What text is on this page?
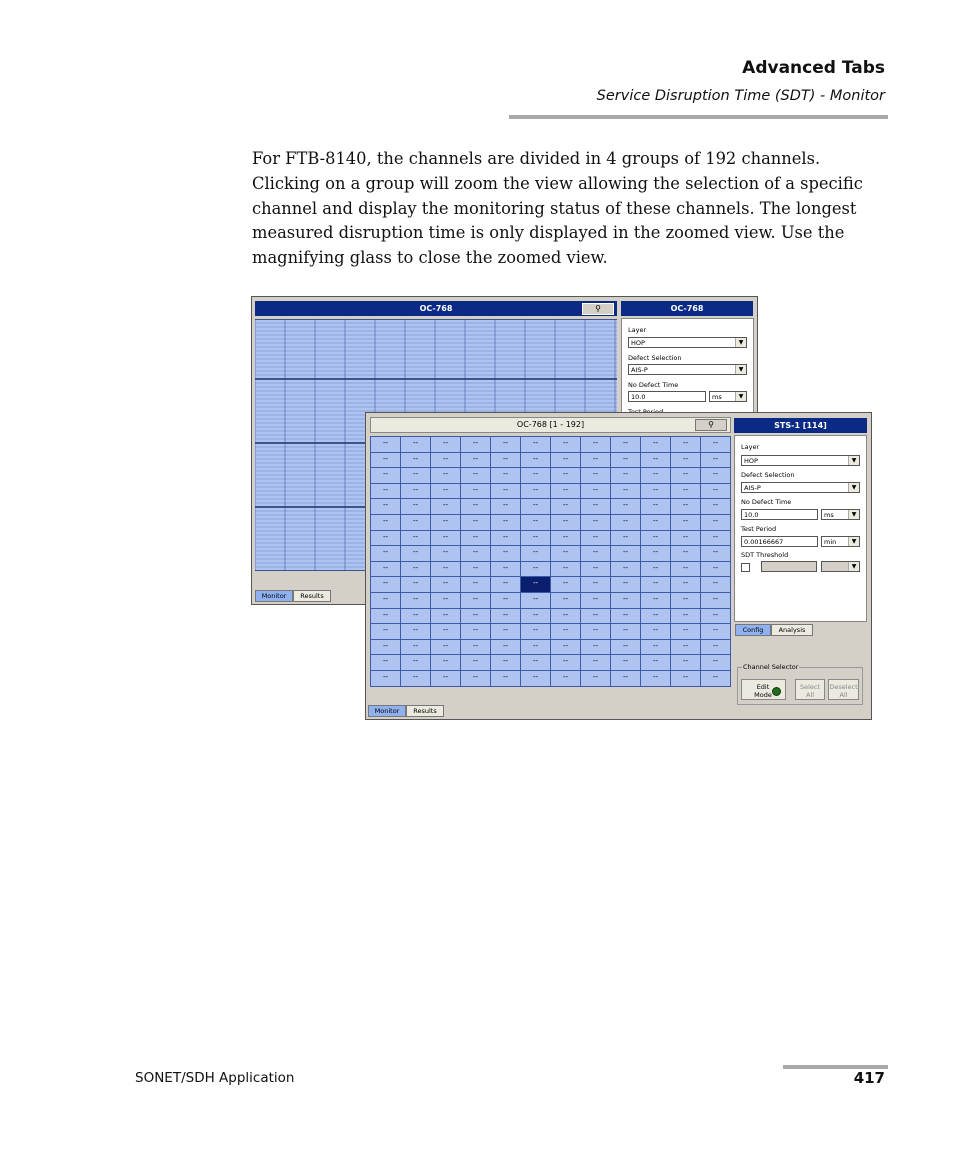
Advanced Tabs
Service Disruption Time (SDT) - Monitor
For FTB-8140, the channels are divided in 4 groups of 192 channels. Clicking on a group will zoom the view allowing the selection of a specific channel and display the monitoring status of these channels. The longest measured disruption time is only displayed in the zoomed view. Use the magnifying glass to close the zoomed view.
OC-768	⚲
Monitor	Results
OC-768
Layer
HOP	▼
Defect Selection
AIS-P	▼
No Defect Time
10.0	ms	▼
OC-768 [1 - 192]	⚲
--	--	--	--	--	--	--	--	--	--	--	--
--	--	--	--	--	--	--	--	--	--	--	--
--	--	--	--	--	--	--	--	--	--	--	--
--	--	--	--	--	--	--	--	--	--	--	--
--	--	--	--	--	--	--	--	--	--	--	--
--	--	--	--	--	--	--	--	--	--	--	--
--	--	--	--	--	--	--	--	--	--	--	--
--	--	--	--	--	--	--	--	--	--	--	--
--	--	--	--	--	--	--	--	--	--	--	--
--	--	--	--	--	--	--	--	--	--	--	--
--	--	--	--	--	--	--	--	--	--	--	--
--	--	--	--	--	--	--	--	--	--	--	--
--	--	--	--	--	--	--	--	--	--	--	--
--	--	--	--	--	--	--	--	--	--	--	--
--	--	--	--	--	--	--	--	--	--	--	--
--	--	--	--	--	--	--	--	--	--	--	--
Monitor	Results
STS-1 [114]
Layer
HOP	▼
Defect Selection
AIS-P	▼
No Defect Time
10.0	ms	▼
Test Period
0.00166667	min	▼
SDT Threshold
▼
Config	Analysis
Channel Selector
Edit Mode
Select All
Deselect All
SONET/SDH Application	417
